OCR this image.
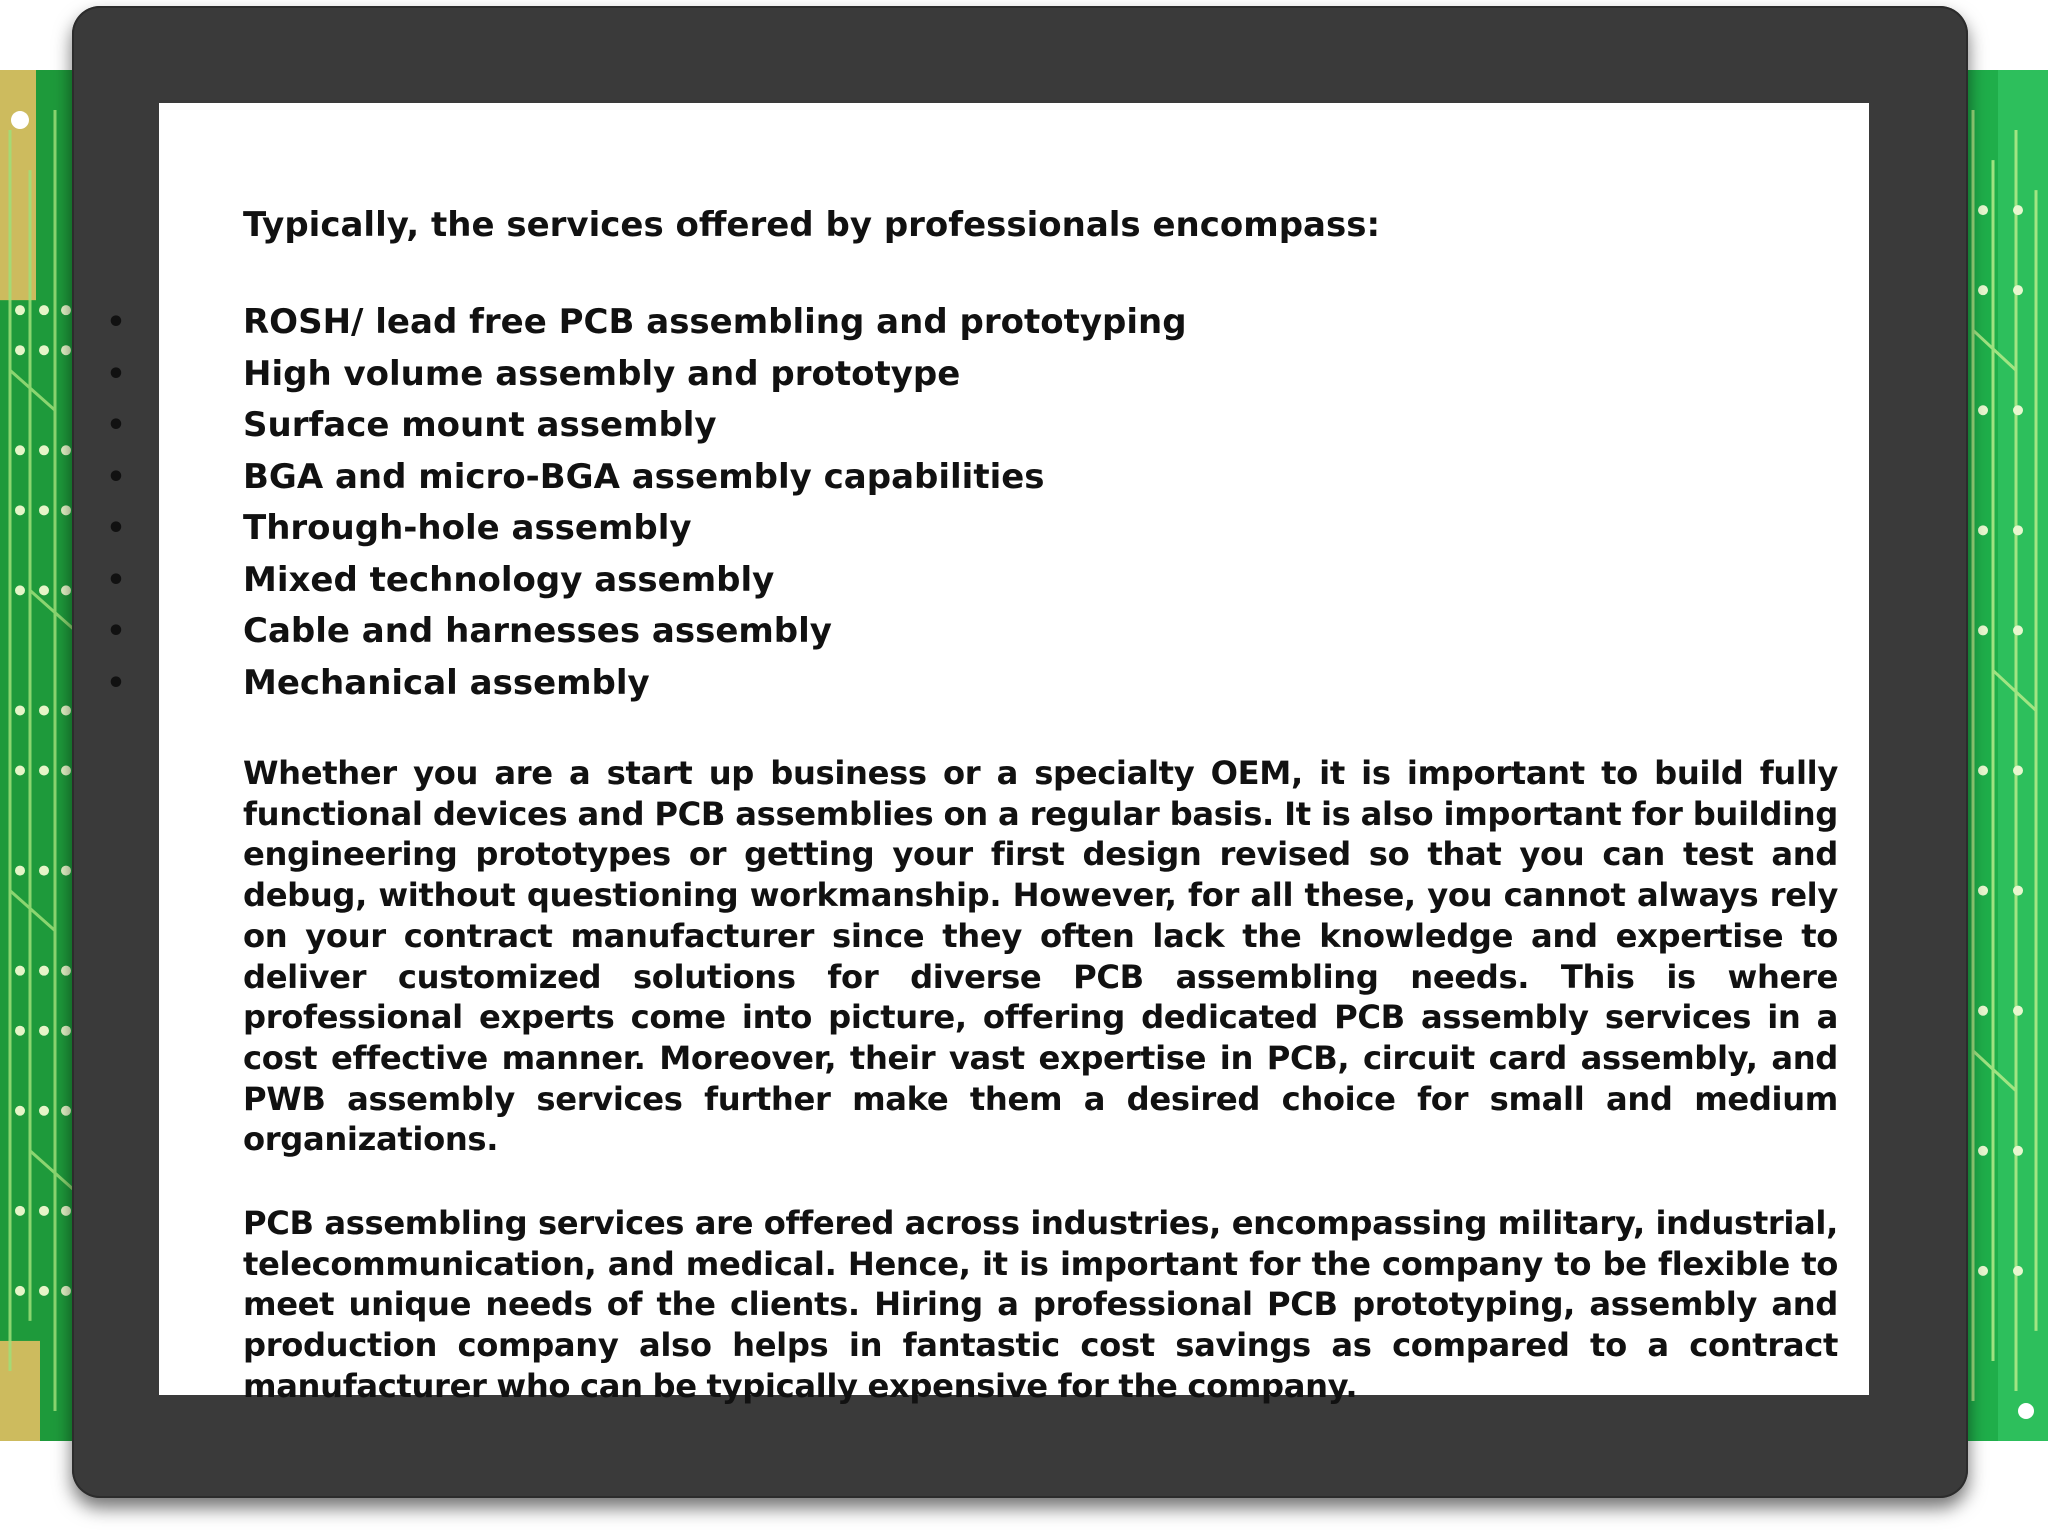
Typically, the services offered by professionals encompass:

•	ROSH/ lead free PCB assembling and prototyping
•	High volume assembly and prototype
•	Surface mount assembly
•	BGA and micro-BGA assembly capabilities
•	Through-hole assembly
•	Mixed technology assembly
•	Cable and harnesses assembly
•	Mechanical assembly

Whether you are a start up business or a specialty OEM, it is important to build fully functional devices and PCB assemblies on a regular basis. It is also important for building engineering prototypes or getting your first design revised so that you can test and debug, without questioning workmanship. However, for all these, you cannot always rely on your contract manufacturer since they often lack the knowledge and expertise to deliver customized solutions for diverse PCB assembling needs. This is where professional experts come into picture, offering dedicated PCB assembly services in a cost effective manner. Moreover, their vast expertise in PCB, circuit card assembly, and PWB assembly services further make them a desired choice for small and medium organizations.

PCB assembling services are offered across industries, encompassing military, industrial, telecommunication, and medical. Hence, it is important for the company to be flexible to meet unique needs of the clients. Hiring a professional PCB prototyping, assembly and production company also helps in fantastic cost savings as compared to a contract manufacturer who can be typically expensive for the company.
